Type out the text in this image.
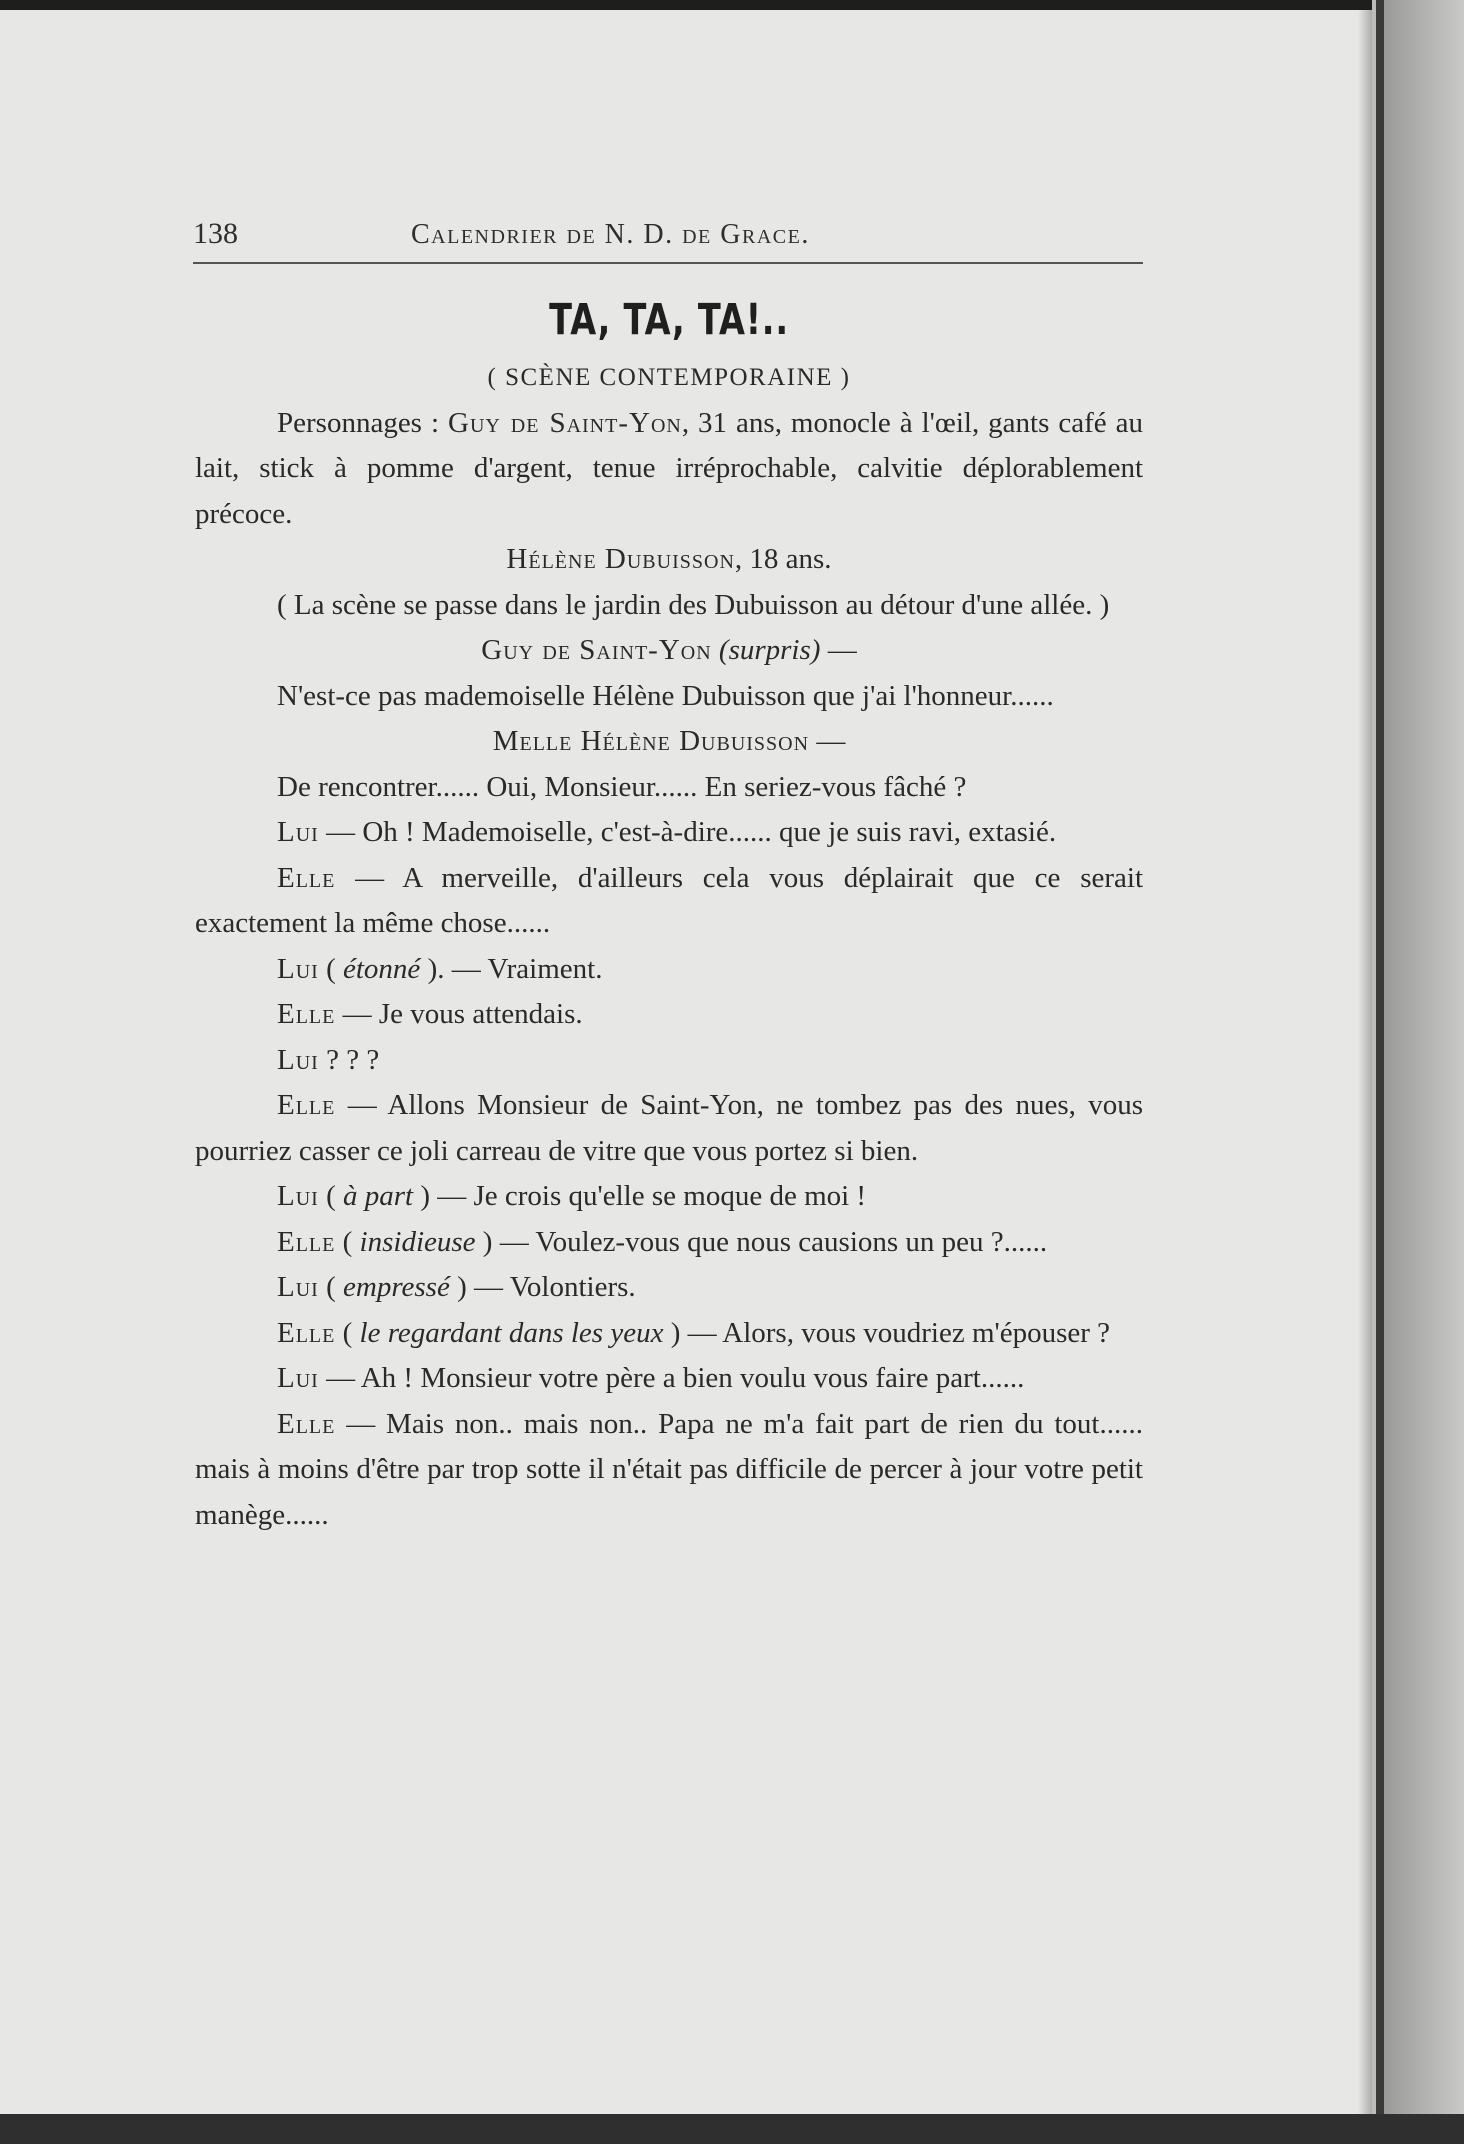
138	Calendrier de N. D. de Grace.
TA, TA, TA!..

( SCÈNE CONTEMPORAINE )

Personnages : Guy de Saint-Yon, 31 ans, monocle à l'œil, gants café au lait, stick à pomme d'argent, tenue irréprochable, calvitie déplorablement précoce.

Hélène Dubuisson, 18 ans.

( La scène se passe dans le jardin des Dubuisson au détour d'une allée. )

Guy de Saint-Yon (surpris) —

N'est-ce pas mademoiselle Hélène Dubuisson que j'ai l'honneur......

Melle Hélène Dubuisson —

De rencontrer...... Oui, Monsieur...... En seriez-vous fâché ?

Lui — Oh ! Mademoiselle, c'est-à-dire...... que je suis ravi, extasié.

Elle — A merveille, d'ailleurs cela vous déplairait que ce serait exactement la même chose......

Lui ( étonné ). — Vraiment.

Elle — Je vous attendais.

Lui ? ? ?

Elle — Allons Monsieur de Saint-Yon, ne tombez pas des nues, vous pourriez casser ce joli carreau de vitre que vous portez si bien.

Lui ( à part ) — Je crois qu'elle se moque de moi !

Elle ( insidieuse ) — Voulez-vous que nous causions un peu ?......

Lui ( empressé ) — Volontiers.

Elle ( le regardant dans les yeux ) — Alors, vous voudriez m'épouser ?

Lui — Ah ! Monsieur votre père a bien voulu vous faire part......

Elle — Mais non.. mais non.. Papa ne m'a fait part de rien du tout...... mais à moins d'être par trop sotte il n'était pas difficile de percer à jour votre petit manège......
